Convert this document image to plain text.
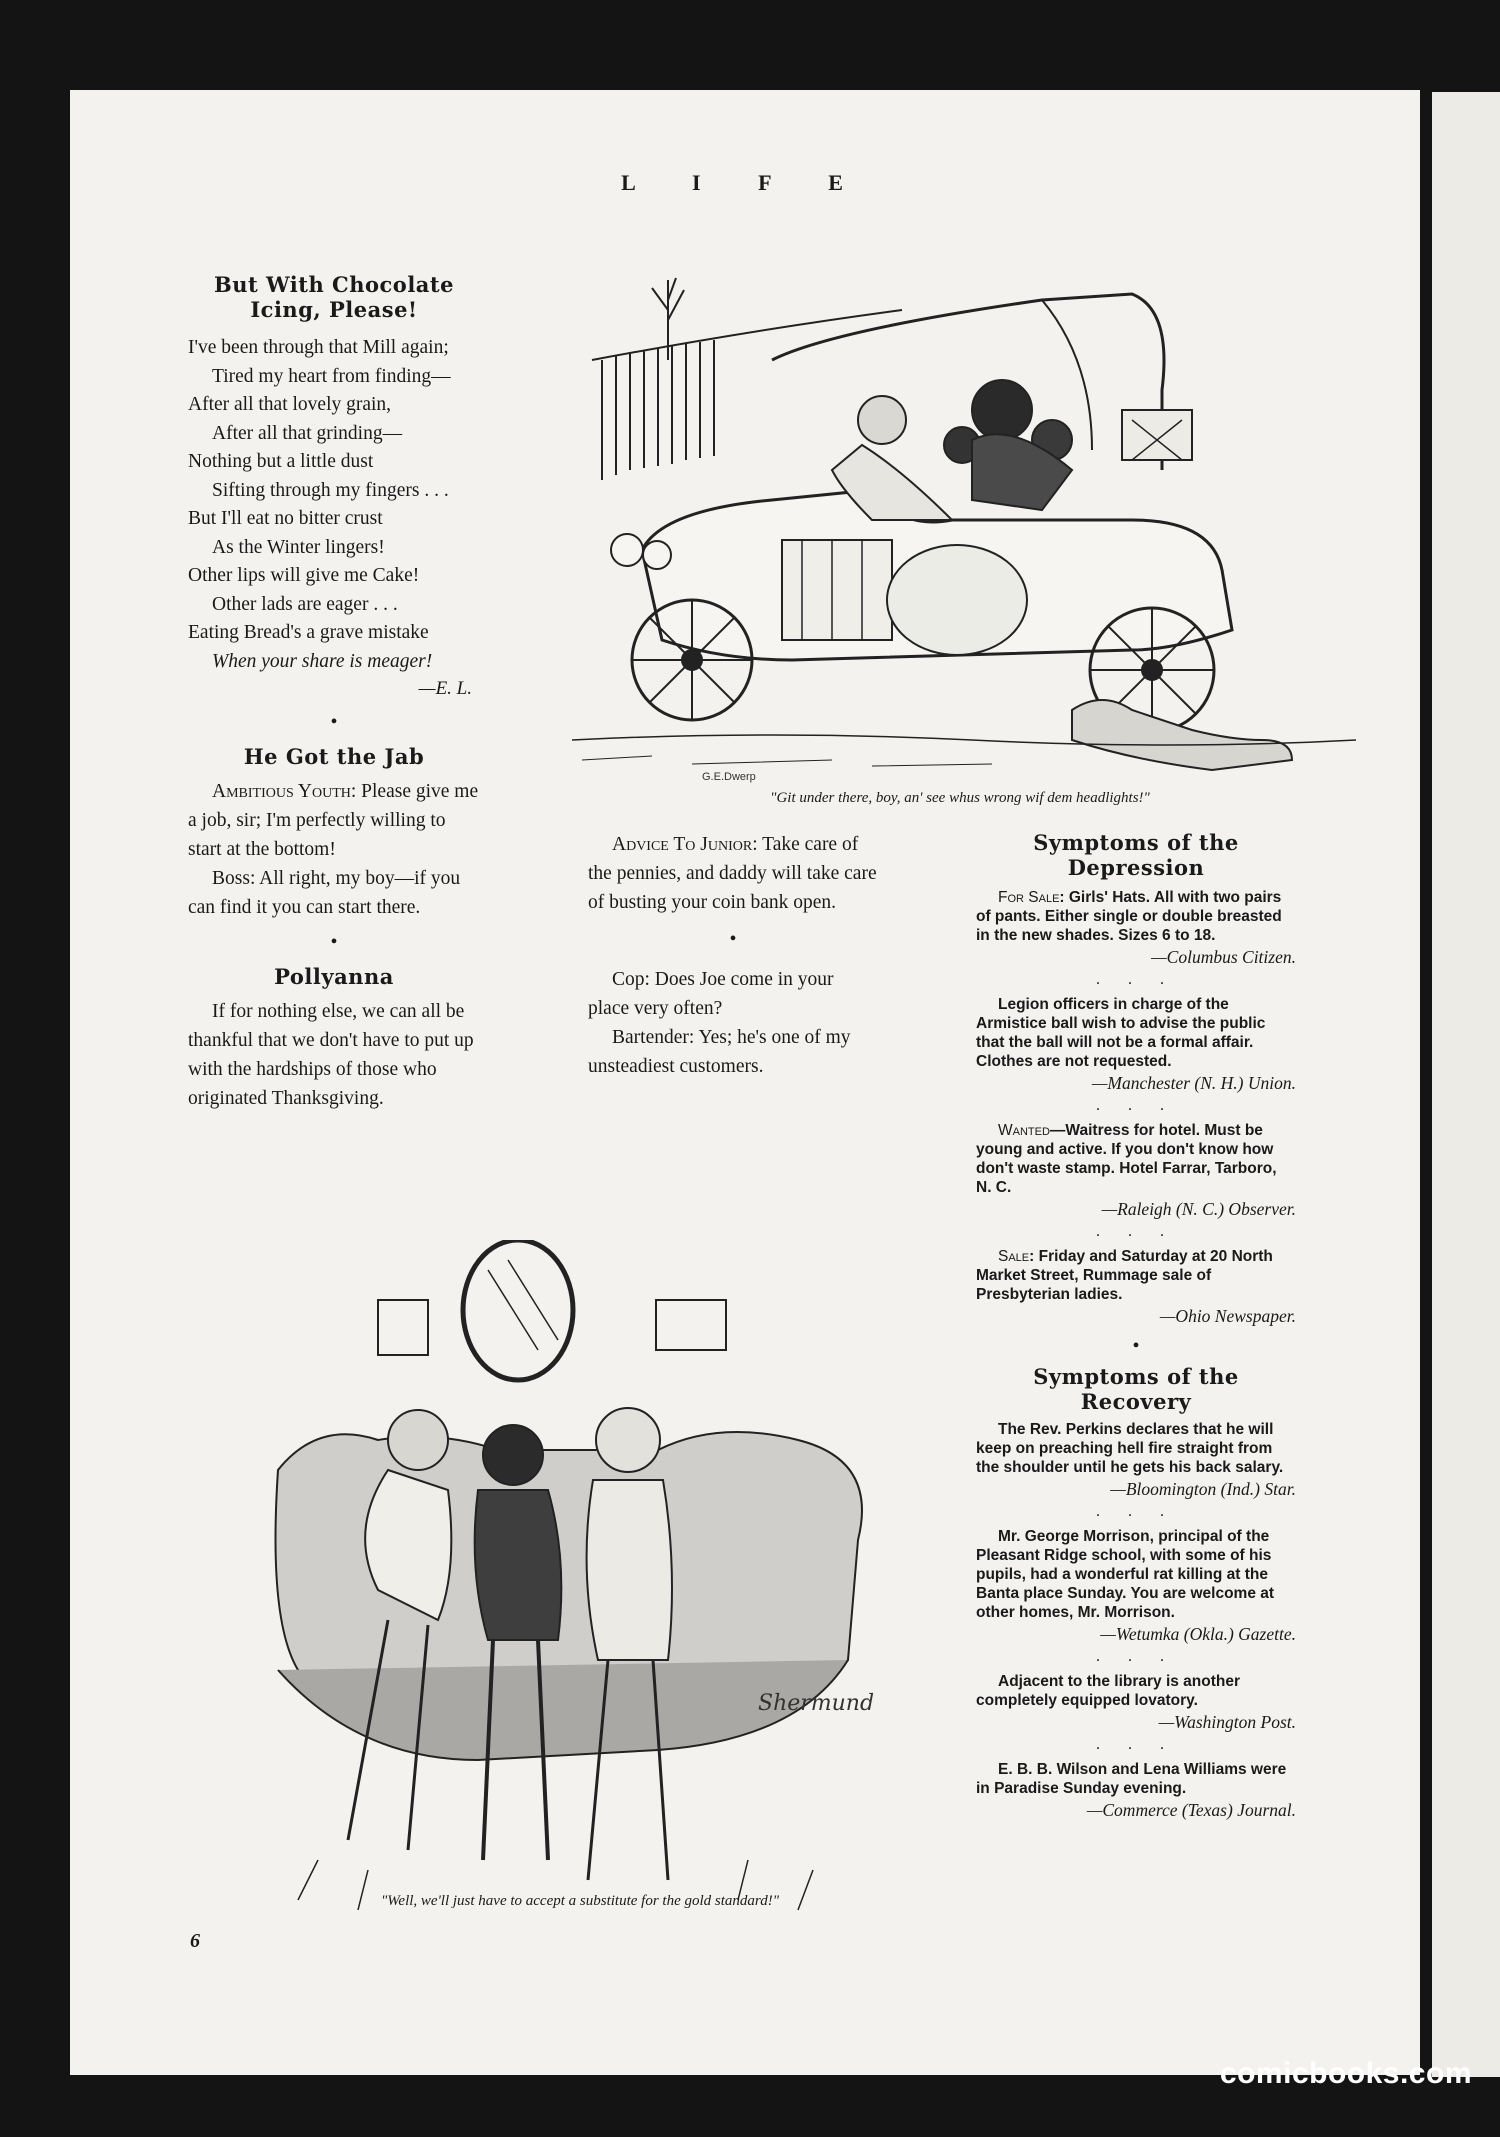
L I F E
But With Chocolate Icing, Please!
I've been through that Mill again;
Tired my heart from finding—
After all that lovely grain,
After all that grinding—
Nothing but a little dust
Sifting through my fingers . . .
But I'll eat no bitter crust
As the Winter lingers!
Other lips will give me Cake!
Other lads are eager . . .
Eating Bread's a grave mistake
When your share is meager!
—E. L.
•
He Got the Jab

Ambitious Youth: Please give me a job, sir; I'm perfectly willing to start at the bottom!

Boss: All right, my boy—if you can find it you can start there.

•
Pollyanna

If for nothing else, we can all be thankful that we don't have to put up with the hardships of those who originated Thanksgiving.

Advice To Junior: Take care of the pennies, and daddy will take care of busting your coin bank open.

•

Cop: Does Joe come in your place very often?

Bartender: Yes; he's one of my unsteadiest customers.

Symptoms of the Depression

For Sale: Girls' Hats. All with two pairs of pants. Either single or double breasted in the new shades. Sizes 6 to 18.

—Columbus Citizen.
. . .

Legion officers in charge of the Armistice ball wish to advise the public that the ball will not be a formal affair. Clothes are not requested.

—Manchester (N. H.) Union.
. . .

Wanted—Waitress for hotel. Must be young and active. If you don't know how don't waste stamp. Hotel Farrar, Tarboro, N. C.

—Raleigh (N. C.) Observer.
. . .

Sale: Friday and Saturday at 20 North Market Street, Rummage sale of Presbyterian ladies.

—Ohio Newspaper.
•
Symptoms of the Recovery

The Rev. Perkins declares that he will keep on preaching hell fire straight from the shoulder until he gets his back salary.

—Bloomington (Ind.) Star.
. . .

Mr. George Morrison, principal of the Pleasant Ridge school, with some of his pupils, had a wonderful rat killing at the Banta place Sunday. You are welcome at other homes, Mr. Morrison.

—Wetumka (Okla.) Gazette.
. . .

Adjacent to the library is another completely equipped lovatory.

—Washington Post.
. . .

E. B. B. Wilson and Lena Williams were in Paradise Sunday evening.

—Commerce (Texas) Journal.
G.E.Dwerp
"Git under there, boy, an' see whus wrong wif dem headlights!"
Shermund
"Well, we'll just have to accept a substitute for the gold standard!"
6
comicbooks.com
